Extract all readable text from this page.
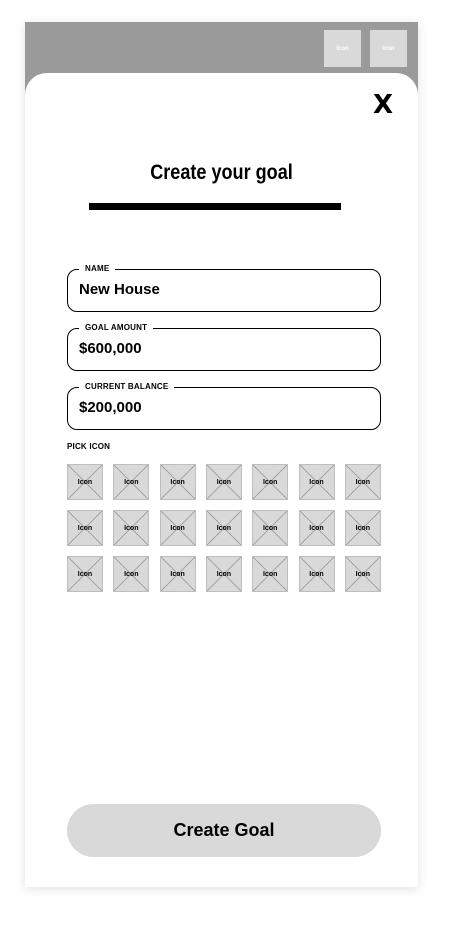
Icon	Icon
X
Create your goal
NAME
New House
GOAL AMOUNT
$600,000
CURRENT BALANCE
$200,000
PICK ICON
Icon	Icon	Icon	Icon	Icon	Icon	Icon
Icon	Icon	Icon	Icon	Icon	Icon	Icon
Icon	Icon	Icon	Icon	Icon	Icon	Icon
Create Goal
